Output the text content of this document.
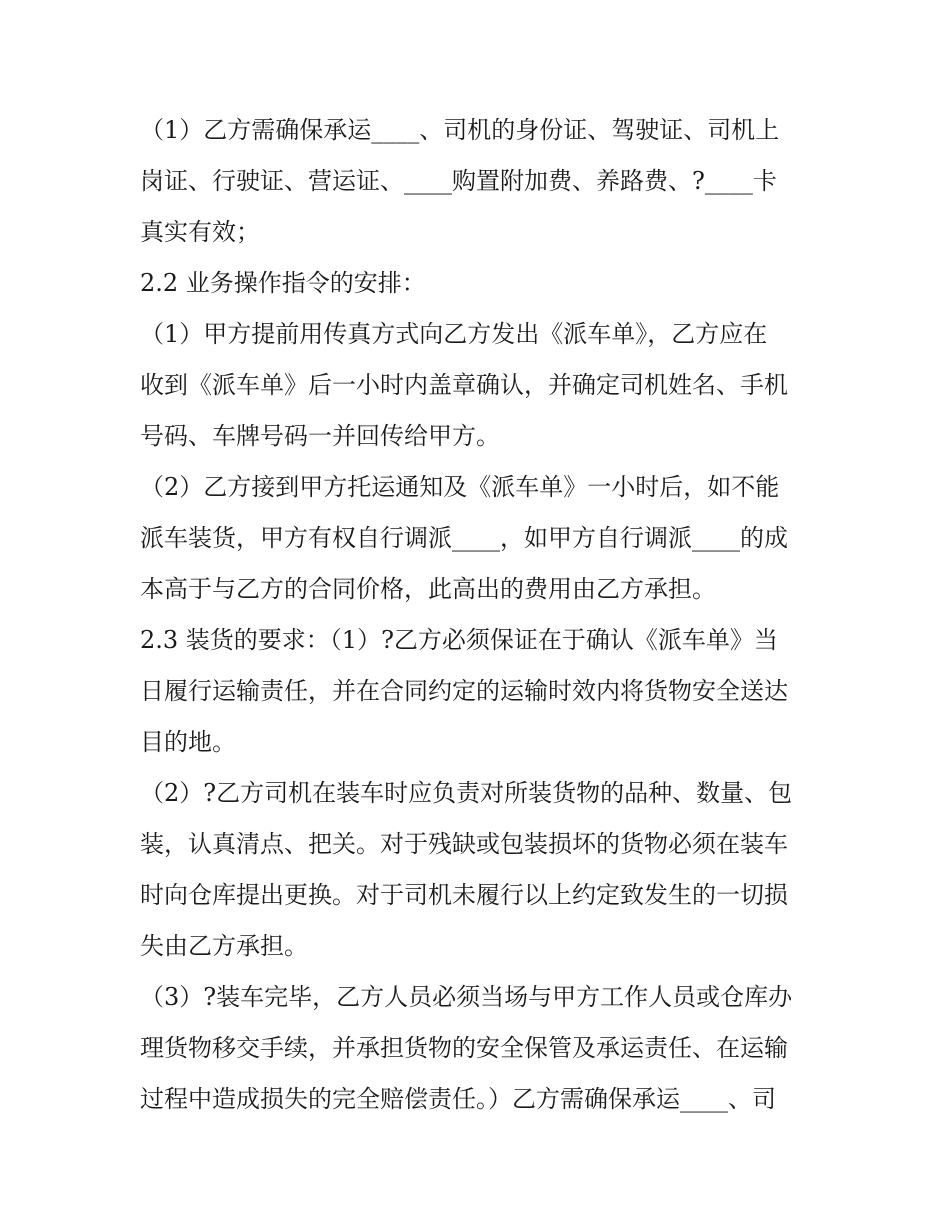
（1）乙方需确保承运____、司机的身份证、驾驶证、司机上
岗证、行驶证、营运证、____购置附加费、养路费、?____卡
真实有效；
2.2 业务操作指令的安排：
（1）甲方提前用传真方式向乙方发出《派车单》，乙方应在
收到《派车单》后一小时内盖章确认，并确定司机姓名、手机
号码、车牌号码一并回传给甲方。
（2）乙方接到甲方托运通知及《派车单》一小时后，如不能
派车装货，甲方有权自行调派____，如甲方自行调派____的成
本高于与乙方的合同价格，此高出的费用由乙方承担。
2.3 装货的要求：（1）?乙方必须保证在于确认《派车单》当
日履行运输责任，并在合同约定的运输时效内将货物安全送达
目的地。
（2）?乙方司机在装车时应负责对所装货物的品种、数量、包
装，认真清点、把关。对于残缺或包装损坏的货物必须在装车
时向仓库提出更换。对于司机未履行以上约定致发生的一切损
失由乙方承担。
（3）?装车完毕，乙方人员必须当场与甲方工作人员或仓库办
理货物移交手续，并承担货物的安全保管及承运责任、在运输
过程中造成损失的完全赔偿责任。）乙方需确保承运____、司
